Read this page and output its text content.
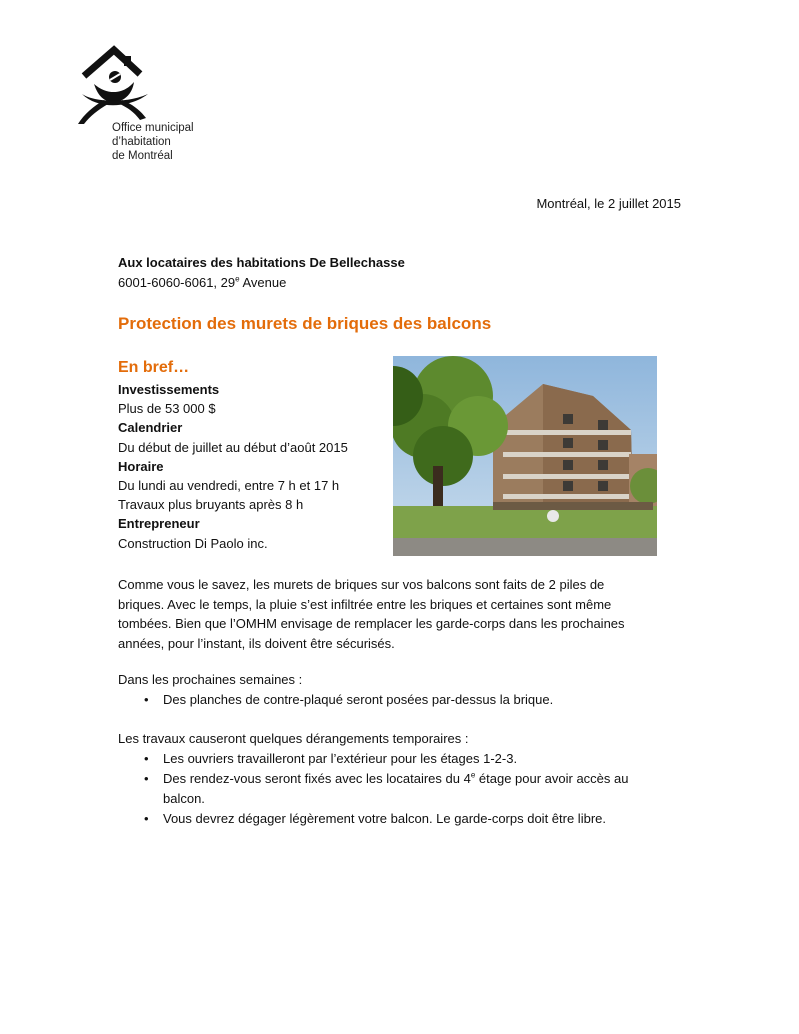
Office municipal
d’habitation
de Montréal
Montréal, le 2 juillet 2015
Aux locataires des habitations De Bellechasse
6001-6060-6061, 29e Avenue
Protection des murets de briques des balcons
En bref…
Investissements
Plus de 53 000 $
Calendrier
Du début de juillet au début d’août 2015
Horaire
Du lundi au vendredi, entre 7 h et 17 h
Travaux plus bruyants après 8 h
Entrepreneur
Construction Di Paolo inc.
Comme vous le savez, les murets de briques sur vos balcons sont faits de 2 piles de
briques. Avec le temps, la pluie s’est infiltrée entre les briques et certaines sont même
tombées. Bien que l’OMHM envisage de remplacer les garde-corps dans les prochaines
années, pour l’instant, ils doivent être sécurisés.
Dans les prochaines semaines :
• Des planches de contre-plaqué seront posées par-dessus la brique.
Les travaux causeront quelques dérangements temporaires :
• Les ouvriers travailleront par l’extérieur pour les étages 1-2-3.
• Des rendez-vous seront fixés avec les locataires du 4e étage pour avoir accès au
balcon.
• Vous devrez dégager légèrement votre balcon. Le garde-corps doit être libre.
